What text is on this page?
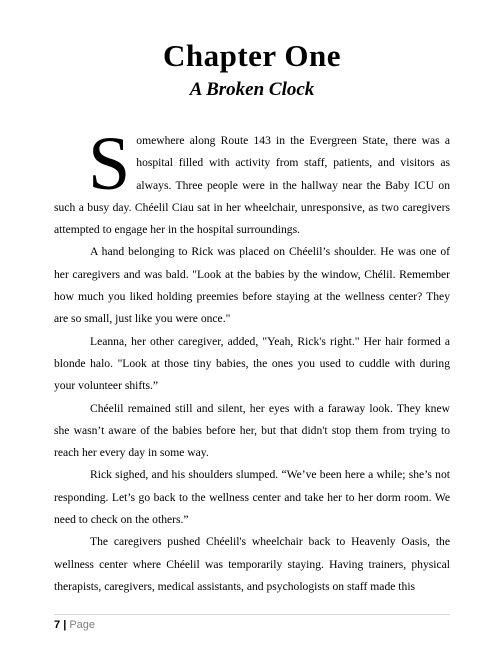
Chapter One
A Broken Clock

Somewhere along Route 143 in the Evergreen State, there was a hospital filled with activity from staff, patients, and visitors as always. Three people were in the hallway near the Baby ICU on such a busy day. Chéelil Ciau sat in her wheelchair, unresponsive, as two caregivers attempted to engage her in the hospital surroundings.

A hand belonging to Rick was placed on Chéelil’s shoulder. He was one of her caregivers and was bald. "Look at the babies by the window, Chélil. Remember how much you liked holding preemies before staying at the wellness center? They are so small, just like you were once."

Leanna, her other caregiver, added, "Yeah, Rick's right." Her hair formed a blonde halo. "Look at those tiny babies, the ones you used to cuddle with during your volunteer shifts.”

Chéelil remained still and silent, her eyes with a faraway look. They knew she wasn’t aware of the babies before her, but that didn't stop them from trying to reach her every day in some way.

Rick sighed, and his shoulders slumped. “We’ve been here a while; she’s not responding. Let’s go back to the wellness center and take her to her dorm room. We need to check on the others.”

The caregivers pushed Chéelil's wheelchair back to Heavenly Oasis, the wellness center where Chéelil was temporarily staying. Having trainers, physical therapists, caregivers, medical assistants, and psychologists on staff made this

7 | Page
